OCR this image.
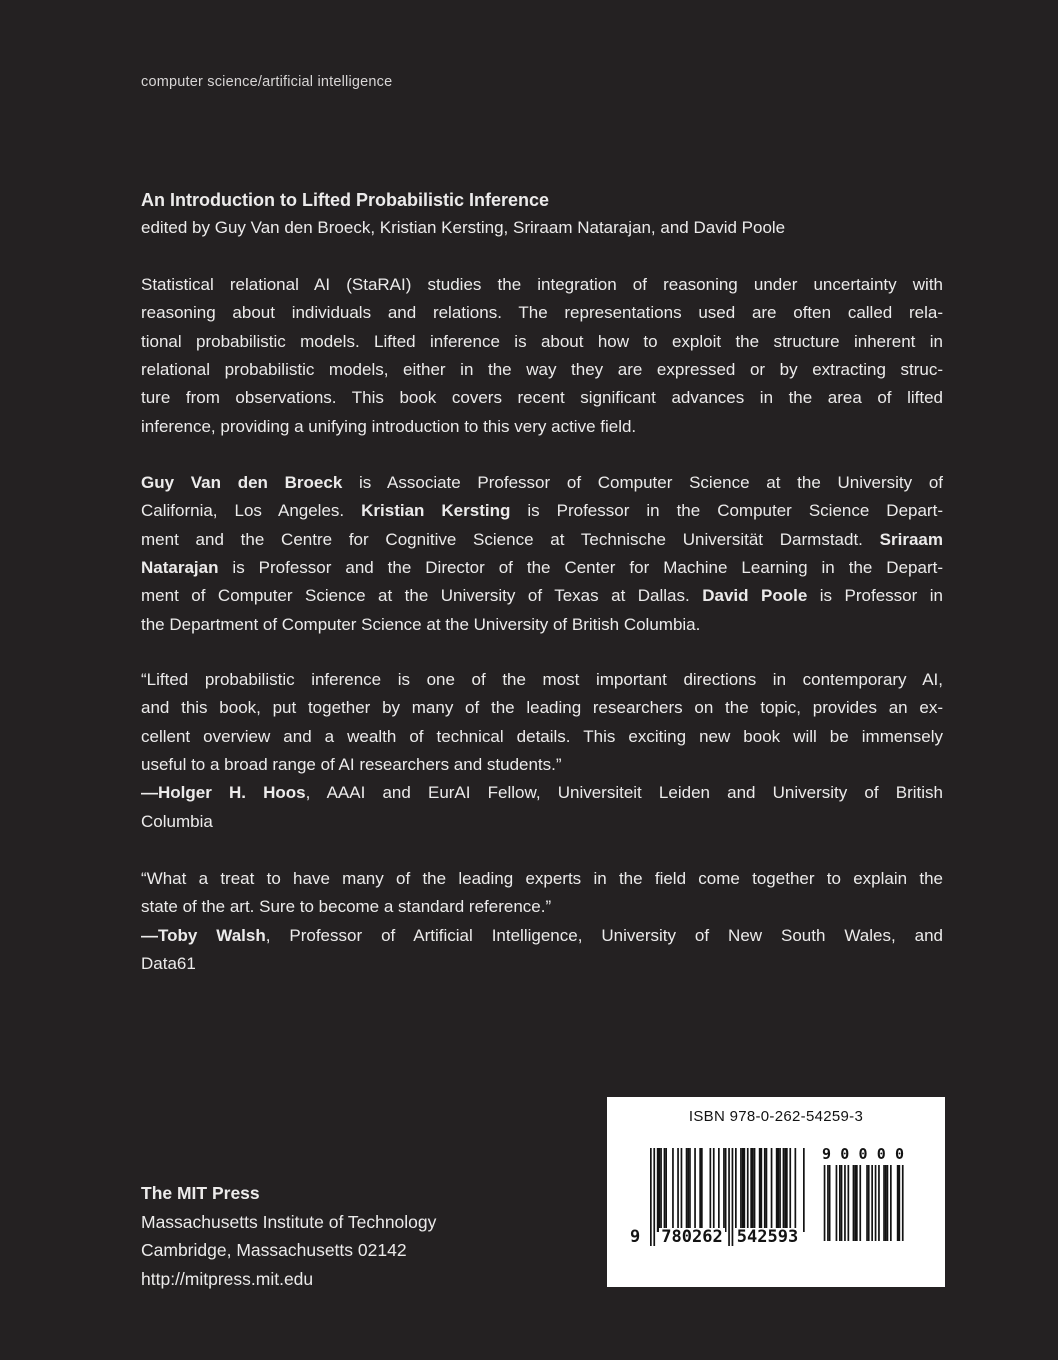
computer science/artificial intelligence
An Introduction to Lifted Probabilistic Inference
edited by Guy Van den Broeck, Kristian Kersting, Sriraam Natarajan, and David Poole
Statistical relational AI (StaRAI) studies the integration of reasoning under uncertainty with
reasoning about individuals and relations. The representations used are often called rela-
tional probabilistic models. Lifted inference is about how to exploit the structure inherent in
relational probabilistic models, either in the way they are expressed or by extracting struc-
ture from observations. This book covers recent significant advances in the area of lifted
inference, providing a unifying introduction to this very active field.
Guy Van den Broeck is Associate Professor of Computer Science at the University of
California, Los Angeles. Kristian Kersting is Professor in the Computer Science Depart-
ment and the Centre for Cognitive Science at Technische Universität Darmstadt. Sriraam
Natarajan is Professor and the Director of the Center for Machine Learning in the Depart-
ment of Computer Science at the University of Texas at Dallas. David Poole is Professor in
the Department of Computer Science at the University of British Columbia.
“Lifted probabilistic inference is one of the most important directions in contemporary AI,
and this book, put together by many of the leading researchers on the topic, provides an ex-
cellent overview and a wealth of technical details. This exciting new book will be immensely
useful to a broad range of AI researchers and students.”
—Holger H. Hoos, AAAI and EurAI Fellow, Universiteit Leiden and University of British
Columbia
“What a treat to have many of the leading experts in the field come together to explain the
state of the art. Sure to become a standard reference.”
—Toby Walsh, Professor of Artificial Intelligence, University of New South Wales, and
Data61
The MIT Press
Massachusetts Institute of Technology
Cambridge, Massachusetts 02142
http://mitpress.mit.edu
ISBN 978-0-262-54259-3
9 780262 542593
9 0 0 0 0
